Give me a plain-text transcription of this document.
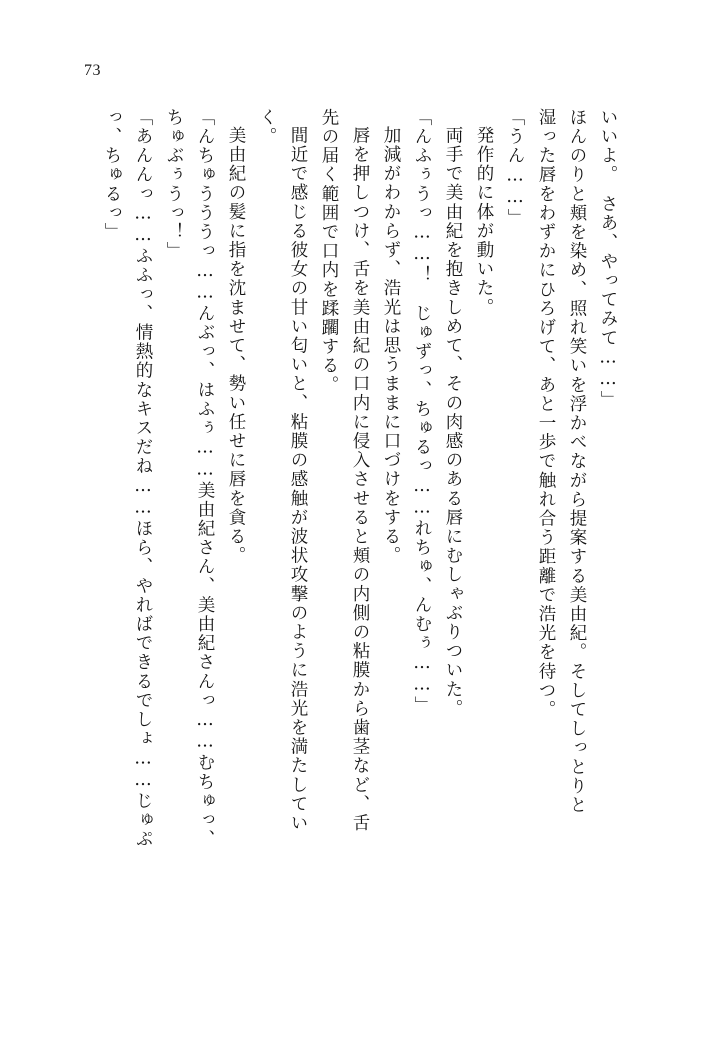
73
いいよ。　さあ、やってみて……」
ほんのりと頬を染め、照れ笑いを浮かべながら提案する美由紀。そしてしっとりと
湿った唇をわずかにひろげて、あと一歩で触れ合う距離で浩光を待つ。
「うん……」
発作的に体が動いた。
両手で美由紀を抱きしめて、その肉感のある唇にむしゃぶりついた。
「んふぅうっ……！　じゅずっ、ちゅるっ……れちゅ、んむぅ……」
加減がわからず、浩光は思うままに口づけをする。
唇を押しつけ、舌を美由紀の口内に侵入させると頬の内側の粘膜から歯茎など、舌
先の届く範囲で口内を蹂躙する。
間近で感じる彼女の甘い匂いと、粘膜の感触が波状攻撃のように浩光を満たしてい
く。
美由紀の髪に指を沈ませて、勢い任せに唇を貪る。
「んちゅうううっ……んぶっ、はふぅ……美由紀さん、美由紀さんっ……むちゅっ、
ちゅぶぅうっ！」
「あんんっ……ふふっ、情熱的なキスだね……ほら、やればできるでしょ……じゅぷ
っ、ちゅるっ」
